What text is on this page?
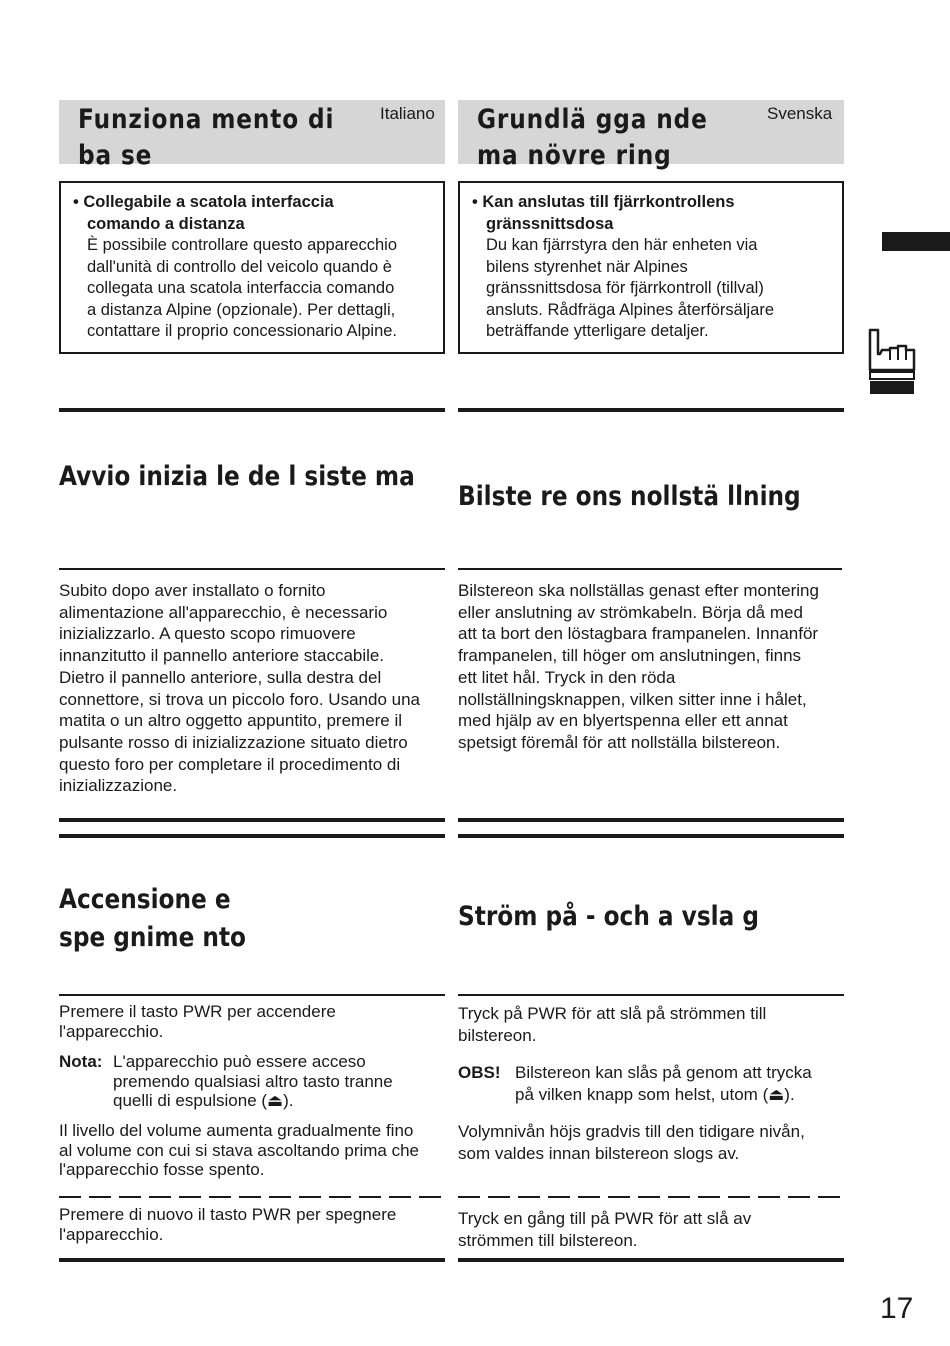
Funziona mento di
ba se
Italiano Grundlä gga nde
ma növre ring
Svenska
• Collegabile a scatola interfaccia
comando a distanza
È possibile controllare questo apparecchio
dall'unità di controllo del veicolo quando è
collegata una scatola interfaccia comando
a distanza Alpine (opzionale). Per dettagli,
contattare il proprio concessionario Alpine.
• Kan anslutas till fjärrkontrollens
gränssnittsdosa
Du kan fjärrstyra den här enheten via
bilens styrenhet när Alpines
gränssnittsdosa för fjärrkontroll (tillval)
ansluts. Rådfräga Alpines återförsäljare
beträffande ytterligare detaljer.
Avvio inizia le de l siste ma
Bilste re ons nollstä llning
Subito dopo aver installato o fornito
alimentazione all'apparecchio, è necessario
inizializzarlo. A questo scopo rimuovere
innanzitutto il pannello anteriore staccabile.
Dietro il pannello anteriore, sulla destra del
connettore, si trova un piccolo foro. Usando una
matita o un altro oggetto appuntito, premere il
pulsante rosso di inizializzazione situato dietro
questo foro per completare il procedimento di
inizializzazione.
Bilstereon ska nollställas genast efter montering
eller anslutning av strömkabeln. Börja då med
att ta bort den löstagbara frampanelen. Innanför
frampanelen, till höger om anslutningen, finns
ett litet hål. Tryck in den röda
nollställningsknappen, vilken sitter inne i hålet,
med hjälp av en blyertspenna eller ett annat
spetsigt föremål för att nollställa bilstereon.
Accensione e
spe gnime nto
Ström på - och a vsla g
Premere il tasto PWR per accendere
l'apparecchio.
Nota: L'apparecchio può essere acceso
premendo qualsiasi altro tasto tranne
quelli di espulsione (⏏).
Il livello del volume aumenta gradualmente fino
al volume con cui si stava ascoltando prima che
l'apparecchio fosse spento.
Premere di nuovo il tasto PWR per spegnere
l'apparecchio.
Tryck på PWR för att slå på strömmen till
bilstereon.
OBS! Bilstereon kan slås på genom att trycka
på vilken knapp som helst, utom (⏏).
Volymnivån höjs gradvis till den tidigare nivån,
som valdes innan bilstereon slogs av.
Tryck en gång till på PWR för att slå av
strömmen till bilstereon.
17
